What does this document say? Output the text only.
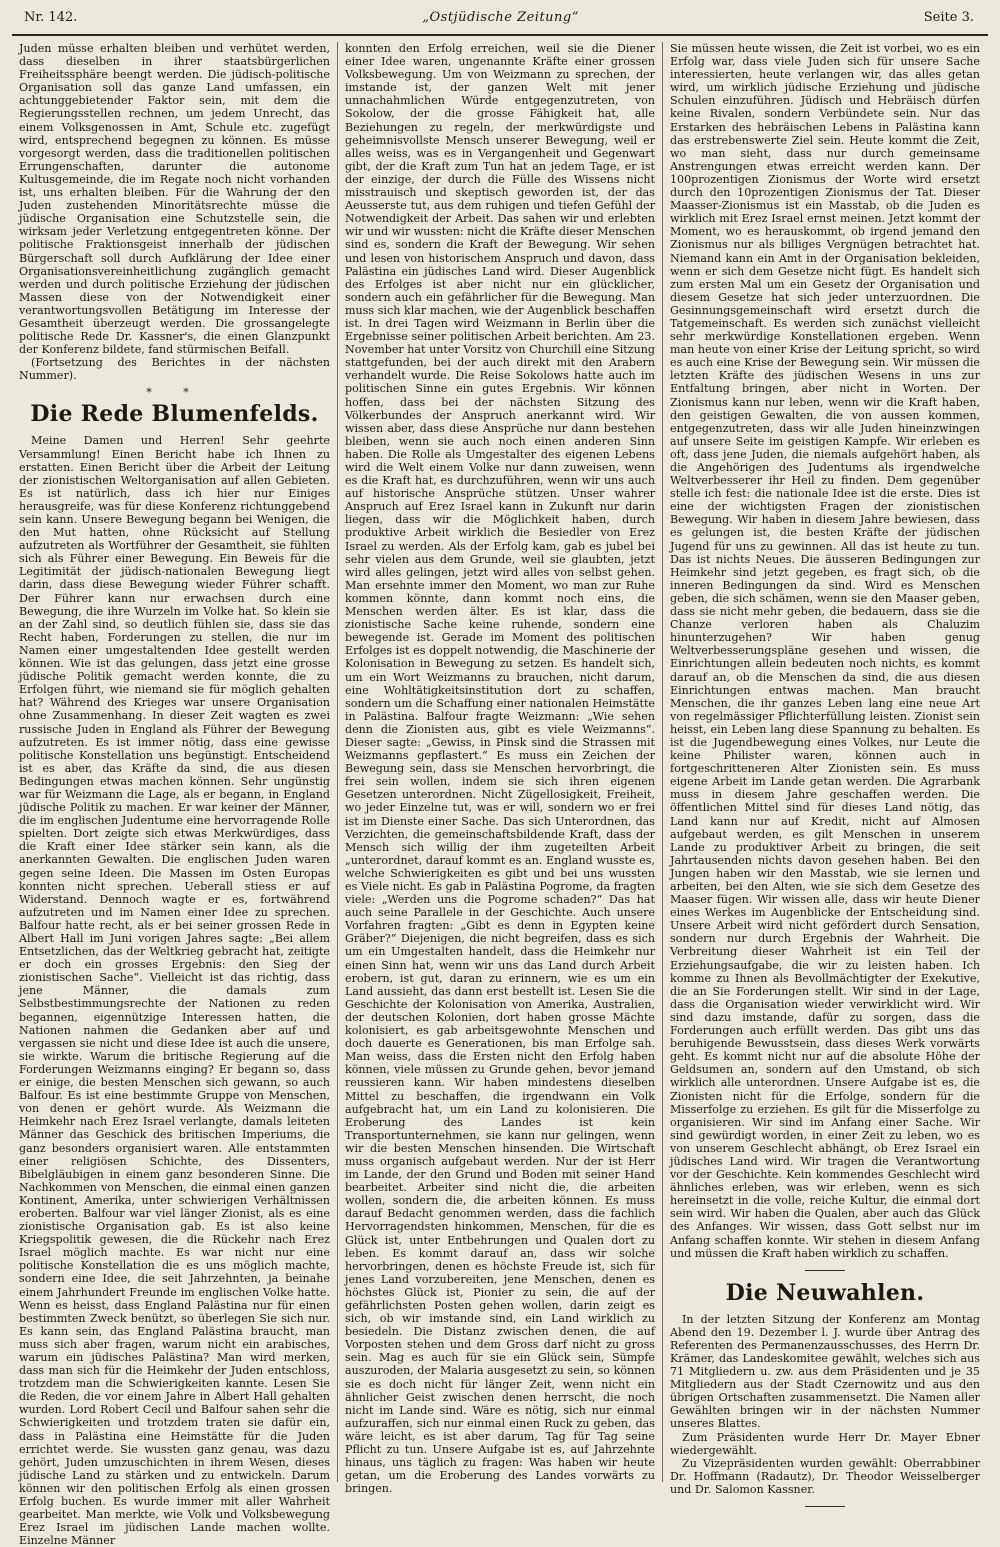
Nr. 142.	„Ostjüdische Zeitung“	Seite 3.

Juden müsse erhalten bleiben und verhütet werden, dass dieselben in ihrer staatsbürgerlichen Freiheitssphäre beengt werden. Die jüdisch-politische Organisation soll das ganze Land umfassen, ein achtunggebietender Faktor sein, mit dem die Regierungsstellen rechnen, um jedem Unrecht, das einem Volksgenossen in Amt, Schule etc. zugefügt wird, entsprechend begegnen zu können. Es müsse vorgesorgt werden, dass die traditionellen politischen Errungenschaften, darunter die autonome Kultusgemeinde, die im Regate noch nicht vorhanden ist, uns erhalten bleiben. Für die Wahrung der den Juden zustehenden Minoritätsrechte müsse die jüdische Organisation eine Schutzstelle sein, die wirksam jeder Verletzung entgegentreten könne. Der politische Fraktionsgeist innerhalb der jüdischen Bürgerschaft soll durch Aufklärung der Idee einer Organisationsvereinheitlichung zugänglich gemacht werden und durch politische Erziehung der jüdischen Massen diese von der Notwendigkeit einer verantwortungsvollen Betätigung im Interesse der Gesamtheit überzeugt werden. Die grossangelegte politische Rede Dr. Kassner's, die einen Glanzpunkt der Konferenz bildete, fand stürmischen Beifall.

(Fortsetzung des Berichtes in der nächsten Nummer).

* *
Die Rede Blumenfelds.

Meine Damen und Herren! Sehr geehrte Versammlung! Einen Bericht habe ich Ihnen zu erstatten. Einen Bericht über die Arbeit der Leitung der zionistischen Weltorganisation auf allen Gebieten. Es ist natürlich, dass ich hier nur Einiges herausgreife, was für diese Konferenz richtunggebend sein kann. Unsere Bewegung begann bei Wenigen, die den Mut hatten, ohne Rücksicht auf Stellung aufzutreten als Wortführer der Gesamtheit, sie fühlten sich als Führer einer Bewegung. Ein Beweis für die Legitimität der jüdisch-nationalen Bewegung liegt darin, dass diese Bewegung wieder Führer schafft. Der Führer kann nur erwachsen durch eine Bewegung, die ihre Wurzeln im Volke hat. So klein sie an der Zahl sind, so deutlich fühlen sie, dass sie das Recht haben, Forderungen zu stellen, die nur im Namen einer umgestaltenden Idee gestellt werden können. Wie ist das gelungen, dass jetzt eine grosse jüdische Politik gemacht werden konnte, die zu Erfolgen führt, wie niemand sie für möglich gehalten hat? Während des Krieges war unsere Organisation ohne Zusammenhang. In dieser Zeit wagten es zwei russische Juden in England als Führer der Bewegung aufzutreten. Es ist immer nötig, dass eine gewisse politische Konstellation uns begünstigt. Entscheidend ist es aber, das Kräfte da sind, die aus diesen Bedingungen etwas machen können. Sehr ungünstig war für Weizmann die Lage, als er begann, in England jüdische Politik zu machen. Er war keiner der Männer, die im englischen Judentume eine hervorragende Rolle spielten. Dort zeigte sich etwas Merkwürdiges, dass die Kraft einer Idee stärker sein kann, als die anerkannten Gewalten. Die englischen Juden waren gegen seine Ideen. Die Massen im Osten Europas konnten nicht sprechen. Ueberall stiess er auf Widerstand. Dennoch wagte er es, fortwährend aufzutreten und im Namen einer Idee zu sprechen. Balfour hatte recht, als er bei seiner grossen Rede in Albert Hall im Juni vorigen Jahres sagte: „Bei allem Entsetzlichen, das der Weltkrieg gebracht hat, zeitigte er doch ein grosses Ergebnis: den Sieg der zionistischen Sache“. Vielleicht ist das richtig, dass jene Männer, die damals zum Selbstbestimmungsrechte der Nationen zu reden begannen, eigennützige Interessen hatten, die Nationen nahmen die Gedanken aber auf und vergassen sie nicht und diese Idee ist auch die unsere, sie wirkte. Warum die britische Regierung auf die Forderungen Weizmanns einging? Er begann so, dass er einige, die besten Menschen sich gewann, so auch Balfour. Es ist eine bestimmte Gruppe von Menschen, von denen er gehört wurde. Als Weizmann die Heimkehr nach Erez Israel verlangte, damals leiteten Männer das Geschick des britischen Imperiums, die ganz besonders organisiert waren. Alle entstammten einer religiösen Schichte, des Dissenters, Bibelgläubigen in einem ganz besonderen Sinne. Die Nachkommen von Menschen, die einmal einen ganzen Kontinent, Amerika, unter schwierigen Verhältnissen eroberten. Balfour war viel länger Zionist, als es eine zionistische Organisation gab. Es ist also keine Kriegspolitik gewesen, die die Rückehr nach Erez Israel möglich machte. Es war nicht nur eine politische Konstellation die es uns möglich machte, sondern eine Idee, die seit Jahrzehnten, ja beinahe einem Jahrhundert Freunde im englischen Volke hatte. Wenn es heisst, dass England Palästina nur für einen bestimmten Zweck benützt, so überlegen Sie sich nur. Es kann sein, das England Palästina braucht, man muss sich aber fragen, warum nicht ein arabisches, warum ein jüdisches Palästina? Man wird merken, dass man sich für die Heimkehr der Juden entschloss, trotzdem man die Schwierigkeiten kannte. Lesen Sie die Reden, die vor einem Jahre in Albert Hall gehalten wurden. Lord Robert Cecil und Balfour sahen sehr die Schwierigkeiten und trotzdem traten sie dafür ein, dass in Palästina eine Heimstätte für die Juden errichtet werde. Sie wussten ganz genau, was dazu gehört, Juden umzuschichten in ihrem Wesen, dieses jüdische Land zu stärken und zu entwickeln. Darum können wir den politischen Erfolg als einen grossen Erfolg buchen. Es wurde immer mit aller Wahrheit gearbeitet. Man merkte, wie Volk und Volksbewegung Erez Israel im jüdischen Lande machen wollte. Einzelne Männer

konnten den Erfolg erreichen, weil sie die Diener einer Idee waren, ungenannte Kräfte einer grossen Volksbewegung. Um von Weizmann zu sprechen, der imstande ist, der ganzen Welt mit jener unnachahmlichen Würde entgegenzutreten, von Sokolow, der die grosse Fähigkeit hat, alle Beziehungen zu regeln, der merkwürdigste und geheimnisvollste Mensch unserer Bewegung, weil er alles weiss, was es in Vergangenheit und Gegenwart gibt, der die Kraft zum Tun hat an jedem Tage, er ist der einzige, der durch die Fülle des Wissens nicht misstrauisch und skeptisch geworden ist, der das Aeusserste tut, aus dem ruhigen und tiefen Gefühl der Notwendigkeit der Arbeit. Das sahen wir und erlebten wir und wir wussten: nicht die Kräfte dieser Menschen sind es, sondern die Kraft der Bewegung. Wir sehen und lesen von historischem Anspruch und davon, dass Palästina ein jüdisches Land wird. Dieser Augenblick des Erfolges ist aber nicht nur ein glücklicher, sondern auch ein gefährlicher für die Bewegung. Man muss sich klar machen, wie der Augenblick beschaffen ist. In drei Tagen wird Weizmann in Berlin über die Ergebnisse seiner politischen Arbeit berichten. Am 23. November hat unter Vorsitz von Churchill eine Sitzung stattgefunden, bei der auch direkt mit den Arabern verhandelt wurde. Die Reise Sokolows hatte auch im politischen Sinne ein gutes Ergebnis. Wir können hoffen, dass bei der nächsten Sitzung des Völkerbundes der Anspruch anerkannt wird. Wir wissen aber, dass diese Ansprüche nur dann bestehen bleiben, wenn sie auch noch einen anderen Sinn haben. Die Rolle als Umgestalter des eigenen Lebens wird die Welt einem Volke nur dann zuweisen, wenn es die Kraft hat, es durchzuführen, wenn wir uns auch auf historische Ansprüche stützen. Unser wahrer Anspruch auf Erez Israel kann in Zukunft nur darin liegen, dass wir die Möglichkeit haben, durch produktive Arbeit wirklich die Besiedler von Erez Israel zu werden. Als der Erfolg kam, gab es jubel bei sehr vielen aus dem Grunde, weil sie glaubten, jetzt wird alles gelingen, jetzt wird alles von selbst gehen. Man ersehnte immer den Moment, wo man zur Ruhe kommen könnte, dann kommt noch eins, die Menschen werden älter. Es ist klar, dass die zionistische Sache keine ruhende, sondern eine bewegende ist. Gerade im Moment des politischen Erfolges ist es doppelt notwendig, die Maschinerie der Kolonisation in Bewegung zu setzen. Es handelt sich, um ein Wort Weizmanns zu brauchen, nicht darum, eine Wohltätigkeitsinstitution dort zu schaffen, sondern um die Schaffung einer nationalen Heimstätte in Palästina. Balfour fragte Weizmann: „Wie sehen denn die Zionisten aus, gibt es viele Weizmanns“. Dieser sagte: „Gewiss, in Pinsk sind die Strassen mit Weizmanns gepflastert.“ Es muss ein Zeichen der Bewegung sein, dass sie Menschen hervorbringt, die frei sein wollen, indem sie sich ihren eigenen Gesetzen unterordnen. Nicht Zügellosigkeit, Freiheit, wo jeder Einzelne tut, was er will, sondern wo er frei ist im Dienste einer Sache. Das sich Unterordnen, das Verzichten, die gemeinschaftsbildende Kraft, dass der Mensch sich willig der ihm zugeteilten Arbeit „unterordnet, darauf kommt es an. England wusste es, welche Schwierigkeiten es gibt und bei uns wussten es Viele nicht. Es gab in Palästina Pogrome, da fragten viele: „Werden uns die Pogrome schaden?“ Das hat auch seine Parallele in der Geschichte. Auch unsere Vorfahren fragten: „Gibt es denn in Egypten keine Gräber?“ Diejenigen, die nicht begreifen, dass es sich um ein Umgestalten handelt, dass die Heimkehr nur einen Sinn hat, wenn wir uns das Land durch Arbeit erobern, ist gut, daran zu erinnern, wie es um ein Land aussieht, das dann erst bestellt ist. Lesen Sie die Geschichte der Kolonisation von Amerika, Australien, der deutschen Kolonien, dort haben grosse Mächte kolonisiert, es gab arbeitsgewohnte Menschen und doch dauerte es Generationen, bis man Erfolge sah. Man weiss, dass die Ersten nicht den Erfolg haben können, viele müssen zu Grunde gehen, bevor jemand reussieren kann. Wir haben mindestens dieselben Mittel zu beschaffen, die irgendwann ein Volk aufgebracht hat, um ein Land zu kolonisieren. Die Eroberung des Landes ist kein Transportunternehmen, sie kann nur gelingen, wenn wir die besten Menschen hinsenden. Die Wirtschaft muss organisch aufgebaut werden. Nur der ist Herr im Lande, der den Grund und Boden mit seiner Hand bearbeitet. Arbeiter sind nicht die, die arbeiten wollen, sondern die, die arbeiten können. Es muss darauf Bedacht genommen werden, dass die fachlich Hervorragendsten hinkommen, Menschen, für die es Glück ist, unter Entbehrungen und Qualen dort zu leben. Es kommt darauf an, dass wir solche hervorbringen, denen es höchste Freude ist, sich für jenes Land vorzubereiten, jene Menschen, denen es höchstes Glück ist, Pionier zu sein, die auf der gefährlichsten Posten gehen wollen, darin zeigt es sich, ob wir imstande sind, ein Land wirklich zu besiedeln. Die Distanz zwischen denen, die auf Vorposten stehen und dem Gross darf nicht zu gross sein. Mag es auch für sie ein Glück sein, Sümpfe auszuroden, der Malaria ausgesetzt zu sein, so können sie es doch nicht für länger Zeit, wenn nicht ein ähnlicher Geist zwischen denen herrscht, die noch nicht im Lande sind. Wäre es nötig, sich nur einmal aufzuraffen, sich nur einmal einen Ruck zu geben, das wäre leicht, es ist aber darum, Tag für Tag seine Pflicht zu tun. Unsere Aufgabe ist es, auf Jahrzehnte hinaus, uns täglich zu fragen: Was haben wir heute getan, um die Eroberung des Landes vorwärts zu bringen.

Sie müssen heute wissen, die Zeit ist vorbei, wo es ein Erfolg war, dass viele Juden sich für unsere Sache interessierten, heute verlangen wir, das alles getan wird, um wirklich jüdische Erziehung und jüdische Schulen einzuführen. Jüdisch und Hebräisch dürfen keine Rivalen, sondern Verbündete sein. Nur das Erstarken des hebräischen Lebens in Palästina kann das erstrebenswerte Ziel sein. Heute kommt die Zeit, wo man sieht, dass nur durch gemeinsame Anstrengungen etwas erreicht werden kann. Der 100prozentigen Zionismus der Worte wird ersetzt durch den 10prozentigen Zionismus der Tat. Dieser Maasser-Zionismus ist ein Masstab, ob die Juden es wirklich mit Erez Israel ernst meinen. Jetzt kommt der Moment, wo es herauskommt, ob irgend jemand den Zionismus nur als billiges Vergnügen betrachtet hat. Niemand kann ein Amt in der Organisation bekleiden, wenn er sich dem Gesetze nicht fügt. Es handelt sich zum ersten Mal um ein Gesetz der Organisation und diesem Gesetze hat sich jeder unterzuordnen. Die Gesinnungsgemeinschaft wird ersetzt durch die Tatgemeinschaft. Es werden sich zunächst vielleicht sehr merkwürdige Konstellationen ergeben. Wenn man heute von einer Krise der Leitung spricht, so wird es auch eine Krise der Bewegung sein. Wir müssen die letzten Kräfte des jüdischen Wesens in uns zur Entfaltung bringen, aber nicht in Worten. Der Zionismus kann nur leben, wenn wir die Kraft haben, den geistigen Gewalten, die von aussen kommen, entgegenzutreten, dass wir alle Juden hineinzwingen auf unsere Seite im geistigen Kampfe. Wir erleben es oft, dass jene Juden, die niemals aufgehört haben, als die Angehörigen des Judentums als irgendwelche Weltverbesserer ihr Heil zu finden. Dem gegenüber stelle ich fest: die nationale Idee ist die erste. Dies ist eine der wichtigsten Fragen der zionistischen Bewegung. Wir haben in diesem Jahre bewiesen, dass es gelungen ist, die besten Kräfte der jüdischen Jugend für uns zu gewinnen. All das ist heute zu tun. Das ist nichts Neues. Die äusseren Bedingungen zur Heimkehr sind jetzt gegeben, es fragt sich, ob die inneren Bedingungen da sind. Wird es Menschen geben, die sich schämen, wenn sie den Maaser geben, dass sie nicht mehr geben, die bedauern, dass sie die Chanze verloren haben als Chaluzim hinunterzugehen? Wir haben genug Weltverbesserungspläne gesehen und wissen, die Einrichtungen allein bedeuten noch nichts, es kommt darauf an, ob die Menschen da sind, die aus diesen Einrichtungen entwas machen. Man braucht Menschen, die ihr ganzes Leben lang eine neue Art von regelmässiger Pflichterfüllung leisten. Zionist sein heisst, ein Leben lang diese Spannung zu behalten. Es ist die Jugendbewegung eines Volkes, nur Leute die keine Philister waren, können auch in fortgeschritteneren Alter Zionisten sein. Es muss eigene Arbeit im Lande getan werden. Die Agrarbank muss in diesem Jahre geschaffen werden. Die öffentlichen Mittel sind für dieses Land nötig, das Land kann nur auf Kredit, nicht auf Almosen aufgebaut werden, es gilt Menschen in unserem Lande zu produktiver Arbeit zu bringen, die seit Jahrtausenden nichts davon gesehen haben. Bei den Jungen haben wir den Masstab, wie sie lernen und arbeiten, bei den Alten, wie sie sich dem Gesetze des Maaser fügen. Wir wissen alle, dass wir heute Diener eines Werkes im Augenblicke der Entscheidung sind. Unsere Arbeit wird nicht gefördert durch Sensation, sondern nur durch Ergebnis der Wahrheit. Die Verbreitung dieser Wahrheit ist ein Teil der Erziehungsaufgabe, die wir zu leisten haben. Ich komme zu Ihnen als Bevollmächtigter der Exekutive, die an Sie Forderungen stellt. Wir sind in der Lage, dass die Organisation wieder verwirklicht wird. Wir sind dazu imstande, dafür zu sorgen, dass die Forderungen auch erfüllt werden. Das gibt uns das beruhigende Bewusstsein, dass dieses Werk vorwärts geht. Es kommt nicht nur auf die absolute Höhe der Geldsumen an, sondern auf den Umstand, ob sich wirklich alle unterordnen. Unsere Aufgabe ist es, die Zionisten nicht für die Erfolge, sondern für die Misserfolge zu erziehen. Es gilt für die Misserfolge zu organisieren. Wir sind im Anfang einer Sache. Wir sind gewürdigt worden, in einer Zeit zu leben, wo es von unserem Geschlecht abhängt, ob Erez Israel ein jüdisches Land wird. Wir tragen die Verantwortung vor der Geschichte. Kein kommendes Geschlecht wird ähnliches erleben, was wir erleben, wenn es sich hereinsetzt in die volle, reiche Kultur, die einmal dort sein wird. Wir haben die Qualen, aber auch das Glück des Anfanges. Wir wissen, dass Gott selbst nur im Anfang schaffen konnte. Wir stehen in diesem Anfang und müssen die Kraft haben wirklich zu schaffen.

Die Neuwahlen.

In der letzten Sitzung der Konferenz am Montag Abend den 19. Dezember l. J. wurde über Antrag des Referenten des Permanenzausschusses, des Herrn Dr. Krämer, das Landeskomitee gewählt, welches sich aus 71 Mitgliedern u. zw. aus dem Präsidenten und je 35 Mitgliedern aus der Stadt Czernowitz und aus den übrigen Ortschaften zusammensetzt. Die Namen aller Gewählten bringen wir in der nächsten Nummer unseres Blattes.

Zum Präsidenten wurde Herr Dr. Mayer Ebner wiedergewählt.

Zu Vizepräsidenten wurden gewählt: Oberrabbiner Dr. Hoffmann (Radautz), Dr. Theodor Weisselberger und Dr. Salomon Kassner.
